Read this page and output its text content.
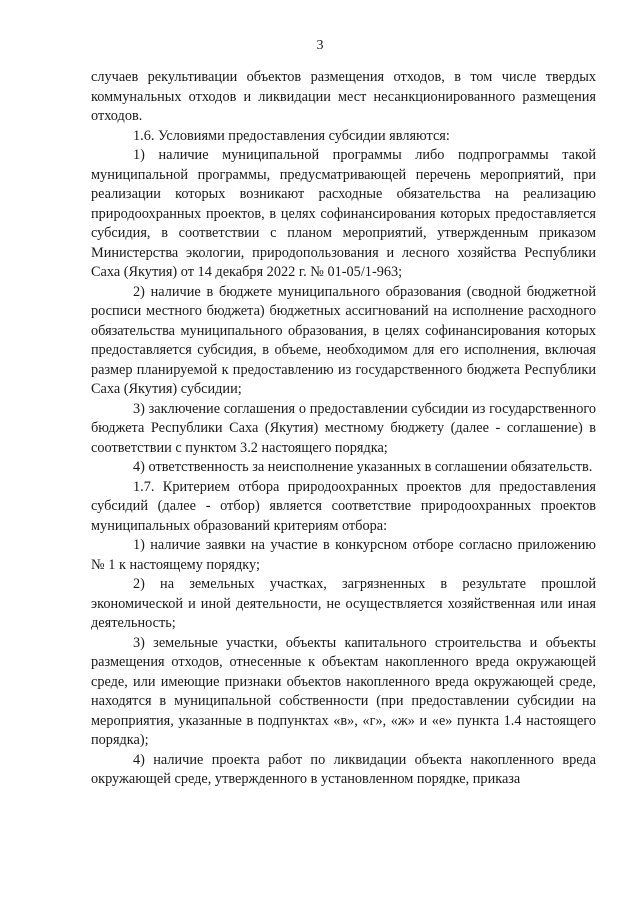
3

случаев рекультивации объектов размещения отходов, в том числе твердых коммунальных отходов и ликвидации мест несанкционированного размещения отходов.

1.6. Условиями предоставления субсидии являются:

1) наличие муниципальной программы либо подпрограммы такой муниципальной программы, предусматривающей перечень мероприятий, при реализации которых возникают расходные обязательства на реализацию природоохранных проектов, в целях софинансирования которых предоставляется субсидия, в соответствии с планом мероприятий, утвержденным приказом Министерства экологии, природопользования и лесного хозяйства Республики Саха (Якутия) от 14 декабря 2022 г. № 01-05/1-963;

2) наличие в бюджете муниципального образования (сводной бюджетной росписи местного бюджета) бюджетных ассигнований на исполнение расходного обязательства муниципального образования, в целях софинансирования которых предоставляется субсидия, в объеме, необходимом для его исполнения, включая размер планируемой к предоставлению из государственного бюджета Республики Саха (Якутия) субсидии;

3) заключение соглашения о предоставлении субсидии из государственного бюджета Республики Саха (Якутия) местному бюджету (далее - соглашение) в соответствии с пунктом 3.2 настоящего порядка;

4) ответственность за неисполнение указанных в соглашении обязательств.

1.7. Критерием отбора природоохранных проектов для предоставления субсидий (далее - отбор) является соответствие природоохранных проектов муниципальных образований критериям отбора:

1) наличие заявки на участие в конкурсном отборе согласно приложению № 1 к настоящему порядку;

2) на земельных участках, загрязненных в результате прошлой экономической и иной деятельности, не осуществляется хозяйственная или иная деятельность;

3) земельные участки, объекты капитального строительства и объекты размещения отходов, отнесенные к объектам накопленного вреда окружающей среде, или имеющие признаки объектов накопленного вреда окружающей среде, находятся в муниципальной собственности (при предоставлении субсидии на мероприятия, указанные в подпунктах «в», «г», «ж» и «е» пункта 1.4 настоящего порядка);

4) наличие проекта работ по ликвидации объекта накопленного вреда окружающей среде, утвержденного в установленном порядке, приказа
